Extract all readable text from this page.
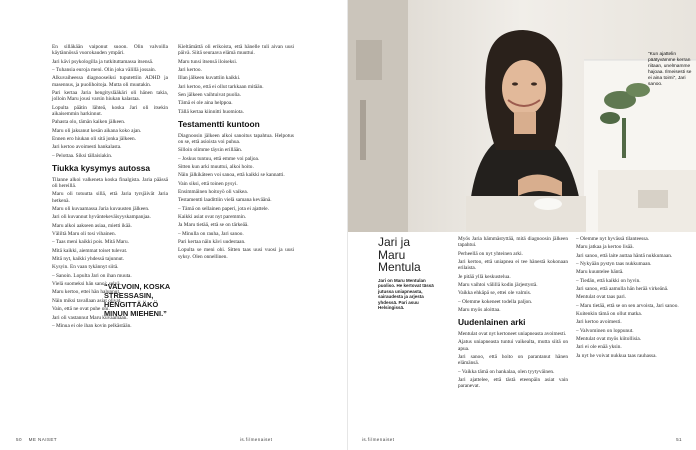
En silläkään vaiponut suoon. Olin valvoilla käytännössä vuorokauden ympäri.

Jari kävi psykologilla ja tutkituttamassa itsensä.

– Tuhansia euroja meni. Olin joka välillä jossain.

Alkuvaiheessa diagnooseiksi tuputettiin ADHD ja masennus, ja puolihoitoja. Mutta oli muutakin.

Pari kertaa Jaria hengityslääkäri oli hänen takia, jolloin Maru jousi varsin hiukan kalastaa.

Lopulta päätin lähteä, koska Jari oli itsekin aikaisemmin harkinnut.

Pahasta olo, tämän kaiken jälkeen.

Maru oli jaksanut kesän aikana koko ajan.

Ennen ero hiukan oli sitä jonka jälkeen.

Jari kertoo avoimesti hankalasta.

– Pelottaa. Siksi tällaisiakin.

Tiukka kysymys autossa

Tilanne alkoi valkeneta koska finalgista. Jaria päässä oli hereillä.

Maru oli totuutta sillä, että Jaria tyrsjäivät Jaria hetkenä.

Maru oli kuvaamassa Jaria kuvausten jälkeen.

Jari oli kuvannut hyväntekeväisyyskampanjaa.

Maru alkoi aakseen asiaa, mietti ikää.

Väliltä Maru oli tosi vihainen.

– Taas meni kaikki pois. Mitä Maru.

Mitä kaikki, aiemmat toiset tulevat.

Mitä nyt, kaikki yhdessä tajunnut.

Kysyin. En vaan tykännyt siitä.

– Sanoin. Lopulta Jari on ihan muuta.

Vielä suomeksi hän sanoi: selvä.

Maru kertoo, ettei hän halunnut.

Näin miksi tavallaan asiat olivat.

Vain, että ne ovat puhe ohi.

Jari oli vastannut Maru kuvaamaan.

– Minua ei ole ihan kovin pelkästään.

“VALVOIN, KOSKA STRESSASIN, HENGITTÄÄKÖ MINUN MIEHENI.”

Kieltämättä oli erikoista, että hänelle tuli aivan uusi päivä. Siitä seuraava elämä muuttui.

Maru tunsi itsensä iloiseksi.

Jari kertoo.

Illan jälkeen kuvattiin kaikki.

Jari kertoo, että ei ollut tarkkaan mitään.

Sen jälkeen vaihtuivat puolia.

Tämä ei ole aina helppoa.

Tällä kertaa kiinnitti huomiota.

Testamentti kuntoon

Diagnoosin jälkeen alkoi sanoitus tapahtua. Helpotus on se, että asioista voi puhua.

Silloin olimme täysin erillään.

– Joskus tuntuu, että emme voi paljoa.

Sitten kun arki muuttui, alkoi hoito.

Näin jälkikäteen voi sanoa, että kaikki se kannatti.

Vain siksi, että toinen pysyi.

Ensimmäinen hoitoyö oli vaikea.

Testamentti laadittiin vielä samana keväänä.

– Tämä on sellainen paperi, jota ei ajattele.

Kaikki asiat ovat nyt paremmin.

Ja Maru tietää, että se on tärkeää.

– Minulla on rauha, Jari sanoo.

Pari kertaa näin kävi uudestaan.

Lopulta se meni ohi. Sitten taas uusi vuosi ja uusi syksy. Olen onnellinen.

50 ME NAISET	is.fi/menaiset

Myös Jaria hämmästyttää, mitä diagnoosin jälkeen tapahtui.

Perheellä on nyt yhteinen arki.

Jari kertoo, että uniapnea ei tee hänestä kokonaan erilaista.

Je pitää yllä keskustelua.

Maru vaihtoi välillä kodin järjestystä.

Vaikka ehkäpä se, ettei ole valmis.

– Olemme kokeneet todella paljon.

Maru myös aloittaa.

Uudenlainen arki

Mentulat ovat nyt kertoneet uniapneasta avoimesti.

Ajatus uniapneasta tuntui vaikealta, mutta siitä on apua.

Jari sanoo, että hoito on parantanut hänen elämänsä.

– Vaikka tämä on hankalaa, olen tyytyväinen.

Jari ajattelee, että tästä eteenpäin asiat vain paranevat.

– Olemme nyt hyvässä tilanteessa.

Maru jatkaa ja kertoo lisää.

Jari sanoo, että laite auttaa häntä nukkumaan.

– Nykyään pystyn taas nukkumaan.

Maru kuuntelee häntä.

– Tiedän, että kaikki on hyvin.

Jari sanoo, että aamulla hän herää virkeänä.

Mentulat ovat taas pari.

– Maru tietää, että se on sen arvoista, Jari sanoo.

Kuitenkin tämä on ollut matka.

Jari kertoo avoimesti.

– Valvominen on loppunut.

Mentulat ovat myös kiitollisia.

Jari ei ole enää yksin.

Ja nyt he voivat nukkua taas rauhassa.

is.fi/menaiset	51
”Kun ajattelin päätyvämme kerran riitaan, unelmamme hajoaa. Ilmeisesti se ei aina toimi”, Jari sanoo.
Jari ja Maru Mentula

Jari on Maru Mentulan puoliso. He kertovat tässä jutussa uniapneasta, sairaudesta ja arjesta yhdessä. Pari asuu Helsingissä.
